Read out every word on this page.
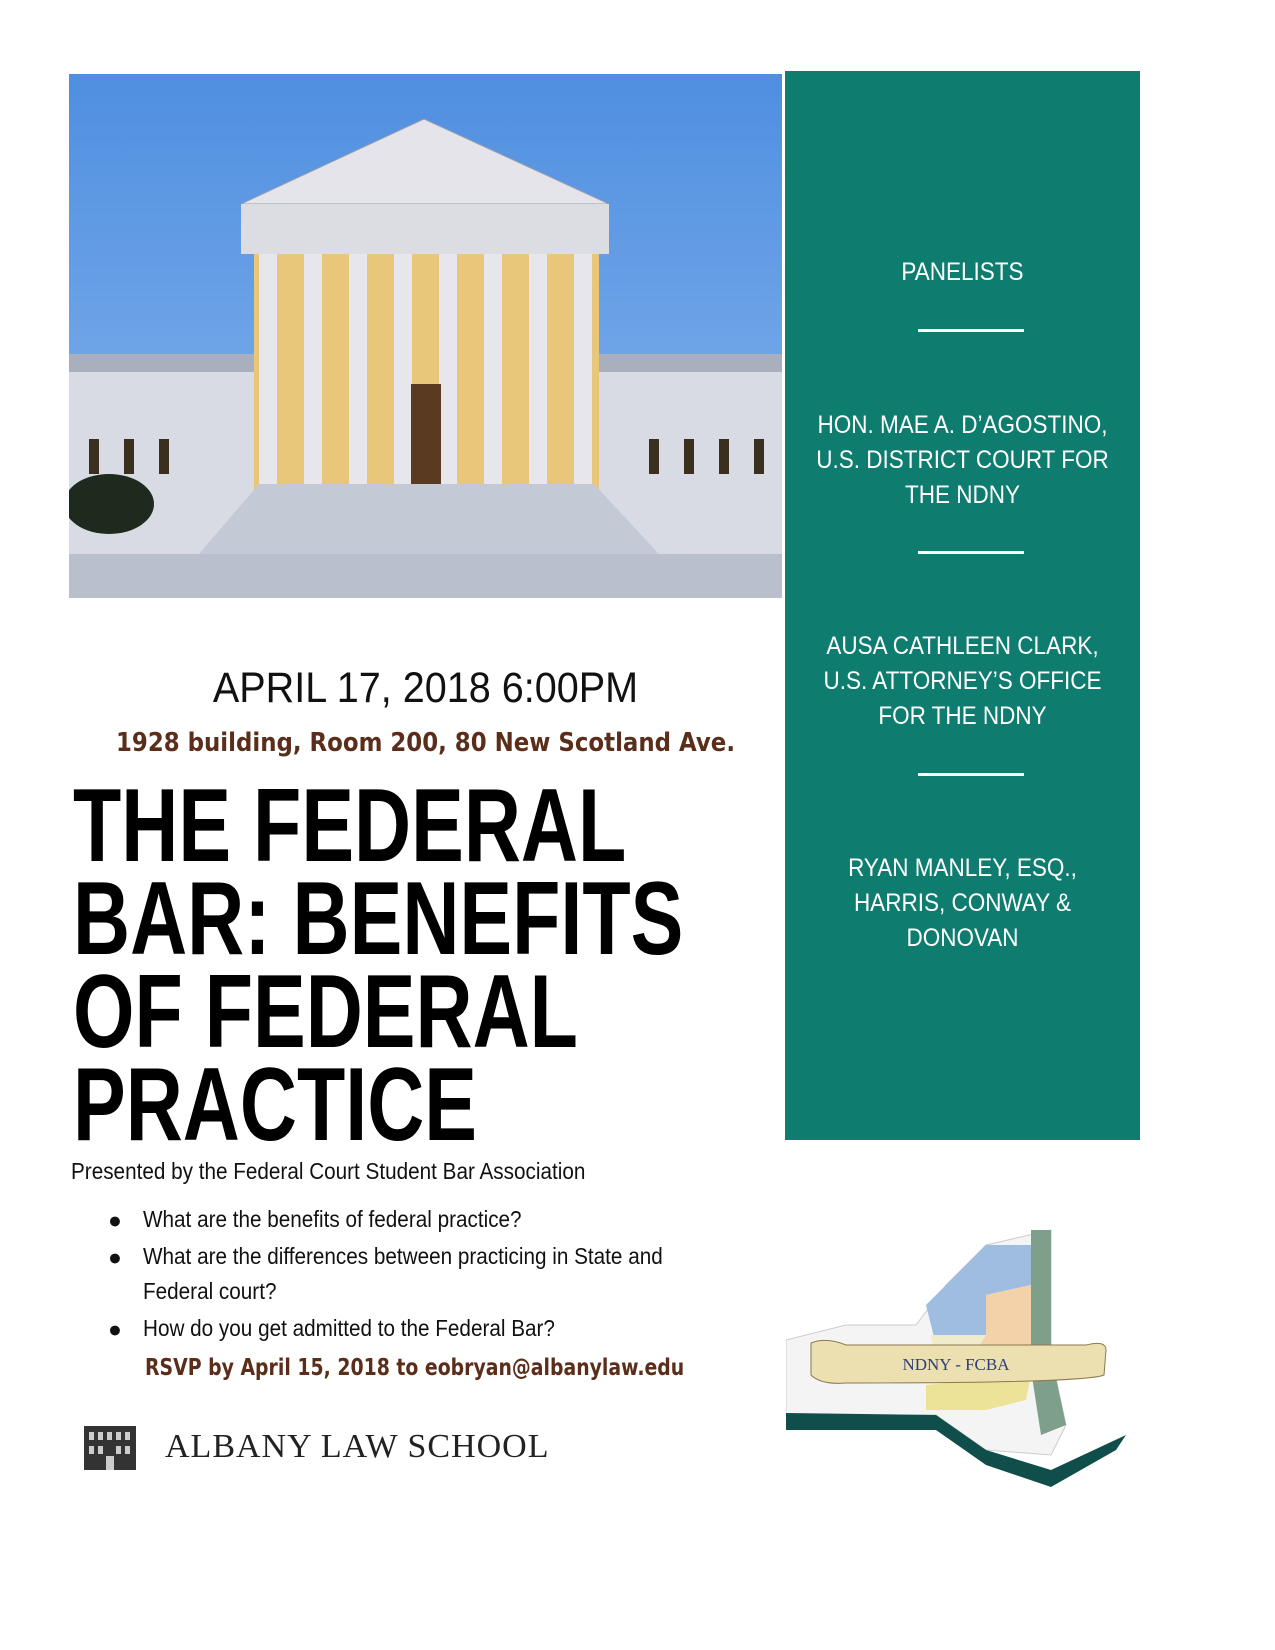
PANELISTS
HON. MAE A. D’AGOSTINO,
U.S. DISTRICT COURT FOR
THE NDNY
AUSA CATHLEEN CLARK,
U.S. ATTORNEY’S OFFICE
FOR THE NDNY
RYAN MANLEY, ESQ.,
HARRIS, CONWAY &
DONOVAN
APRIL 17, 2018 6:00PM
1928 building, Room 200, 80 New Scotland Ave.
THE FEDERAL
BAR: BENEFITS
OF FEDERAL
PRACTICE
Presented by the Federal Court Student Bar Association
● What are the benefits of federal practice?
● What are the differences between practicing in State and
Federal court?
● How do you get admitted to the Federal Bar?
RSVP by April 15, 2018 to eobryan@albanylaw.edu
ALBANY LAW SCHOOL
NDNY - FCBA
